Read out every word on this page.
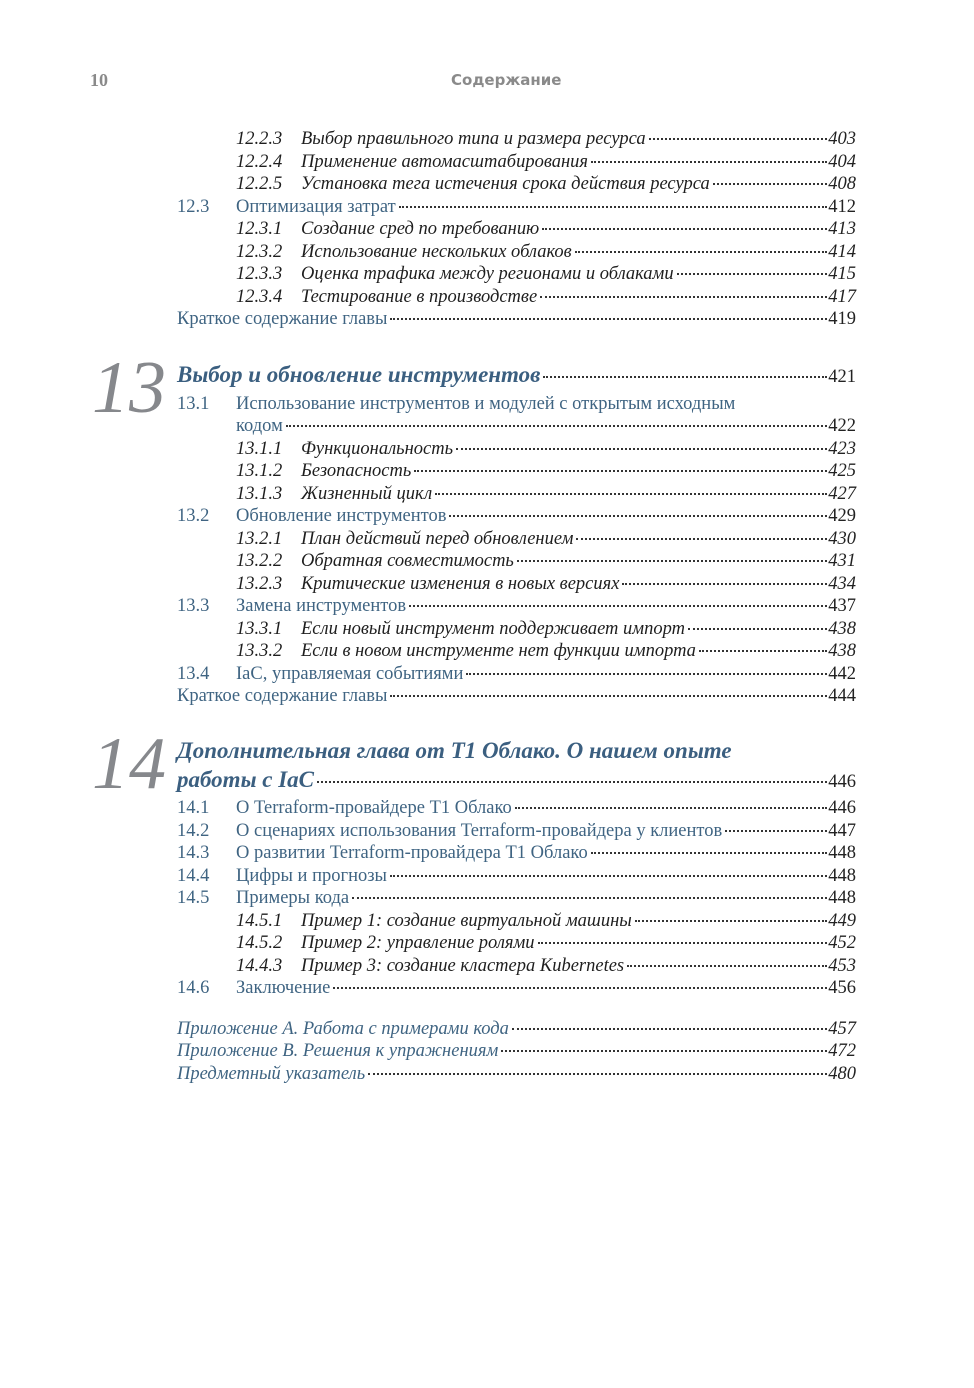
10	Содержание
12.2.3	Выбор правильного типа и размера ресурса	403
12.2.4	Применение автомасштабирования	404
12.2.5	Установка тега истечения срока действия ресурса	408
12.3	Оптимизация затрат	412
12.3.1	Создание сред по требованию	413
12.3.2	Использование нескольких облаков	414
12.3.3	Оценка трафика между регионами и облаками	415
12.3.4	Тестирование в производстве	417
Краткое содержание главы	419
13 Выбор и обновление инструментов	421
13.1	Использование инструментов и модулей с открытым исходным
кодом	422
13.1.1	Функциональность	423
13.1.2	Безопасность	425
13.1.3	Жизненный цикл	427
13.2	Обновление инструментов	429
13.2.1	План действий перед обновлением	430
13.2.2	Обратная совместимость	431
13.2.3	Критические изменения в новых версиях	434
13.3	Замена инструментов	437
13.3.1	Если новый инструмент поддерживает импорт	438
13.3.2	Если в новом инструменте нет функции импорта	438
13.4	IaC, управляемая событиями	442
Краткое содержание главы	444
14 Дополнительная глава от Т1 Облако. О нашем опыте
работы с IaC	446
14.1	О Terraform-провайдере Т1 Облако	446
14.2	О сценариях использования Terraform-провайдера у клиентов	447
14.3	О развитии Terraform-провайдера Т1 Облако	448
14.4	Цифры и прогнозы	448
14.5	Примеры кода	448
14.5.1	Пример 1: создание виртуальной машины	449
14.5.2	Пример 2: управление ролями	452
14.4.3	Пример 3: создание кластера Kubernetes	453
14.6	Заключение	456
Приложение А. Работа с примерами кода	457
Приложение В. Решения к упражнениям	472
Предметный указатель	480
